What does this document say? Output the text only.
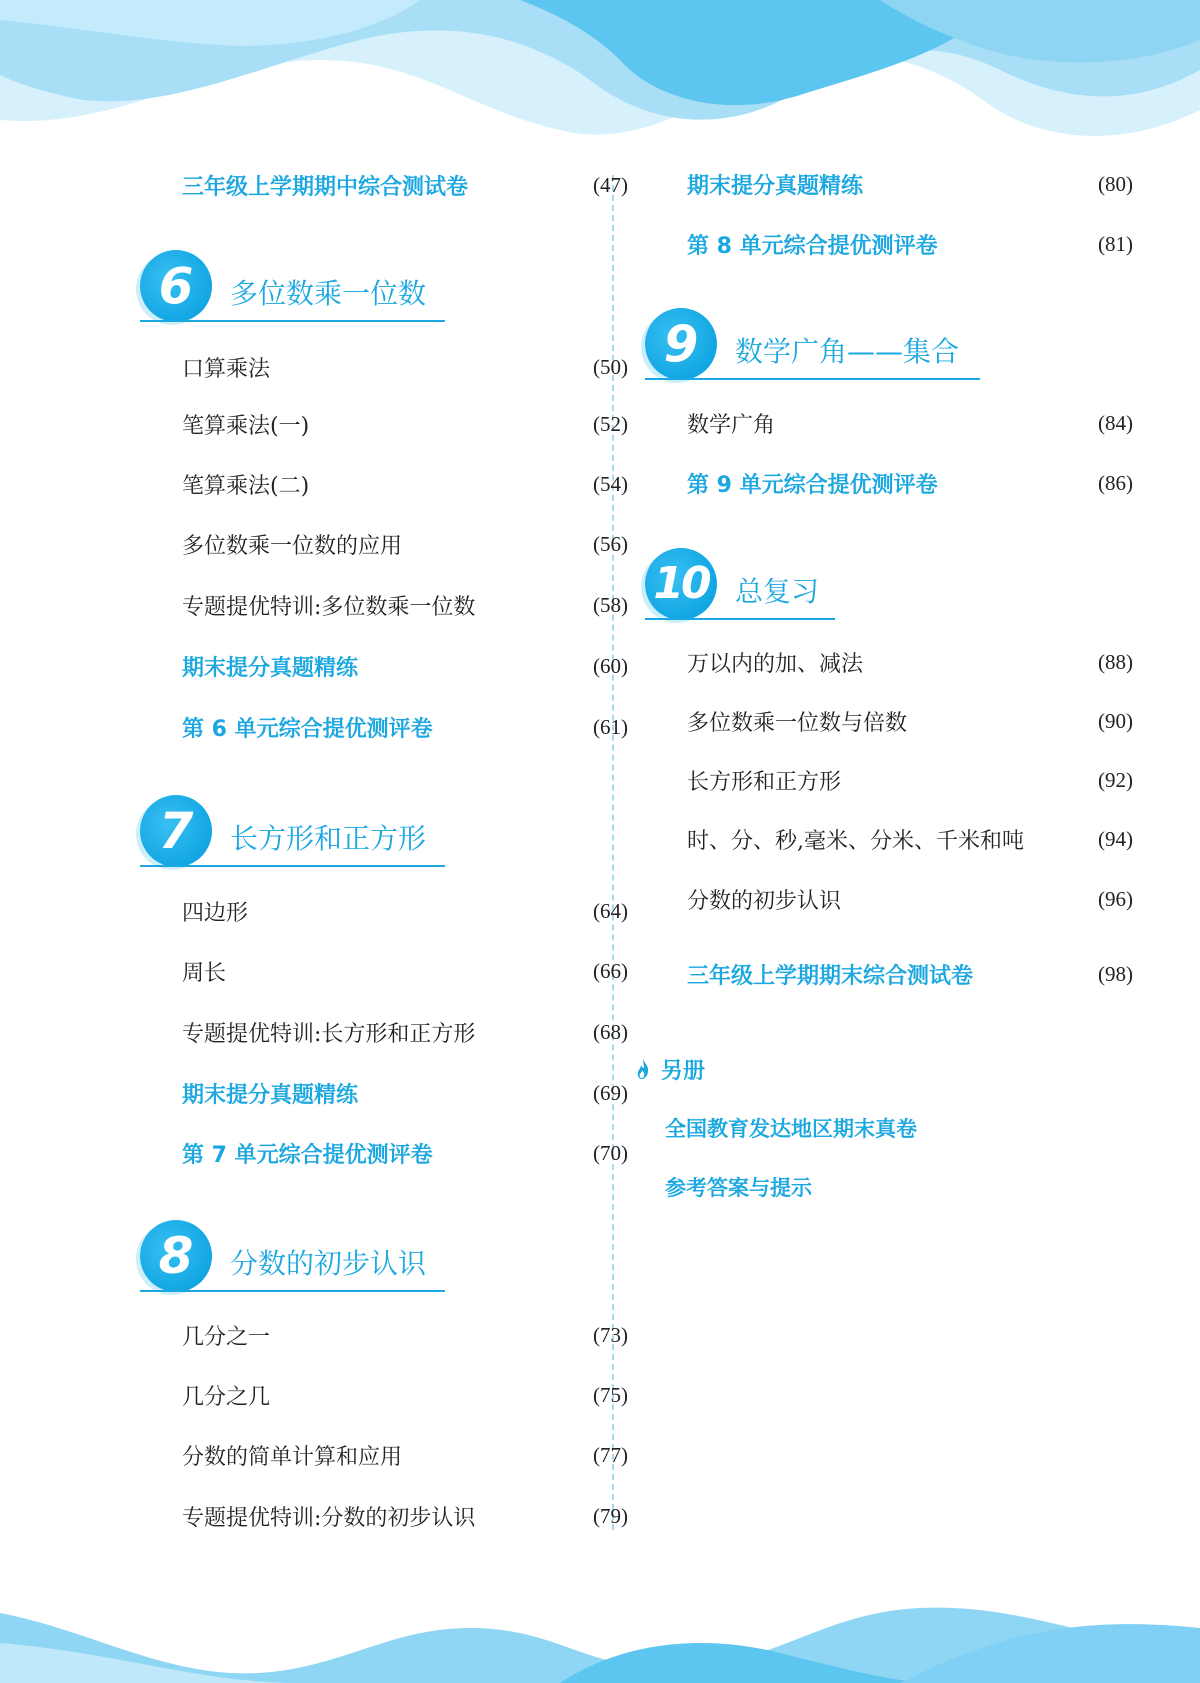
三年级上学期期中综合测试卷	(47)
6 多位数乘一位数
口算乘法	(50)
笔算乘法(一)	(52)
笔算乘法(二)	(54)
多位数乘一位数的应用	(56)
专题提优特训:多位数乘一位数	(58)
期末提分真题精练	(60)
第 6 单元综合提优测评卷	(61)
7 长方形和正方形
四边形	(64)
周长	(66)
专题提优特训:长方形和正方形	(68)
期末提分真题精练	(69)
第 7 单元综合提优测评卷	(70)
8 分数的初步认识
几分之一	(73)
几分之几	(75)
分数的简单计算和应用	(77)
专题提优特训:分数的初步认识	(79)
期末提分真题精练	(80)
第 8 单元综合提优测评卷	(81)
9 数学广角——集合
数学广角	(84)
第 9 单元综合提优测评卷	(86)
10 总复习
万以内的加、减法	(88)
多位数乘一位数与倍数	(90)
长方形和正方形	(92)
时、分、秒,毫米、分米、千米和吨	(94)
分数的初步认识	(96)
三年级上学期期末综合测试卷	(98)
另册
全国教育发达地区期末真卷
参考答案与提示
